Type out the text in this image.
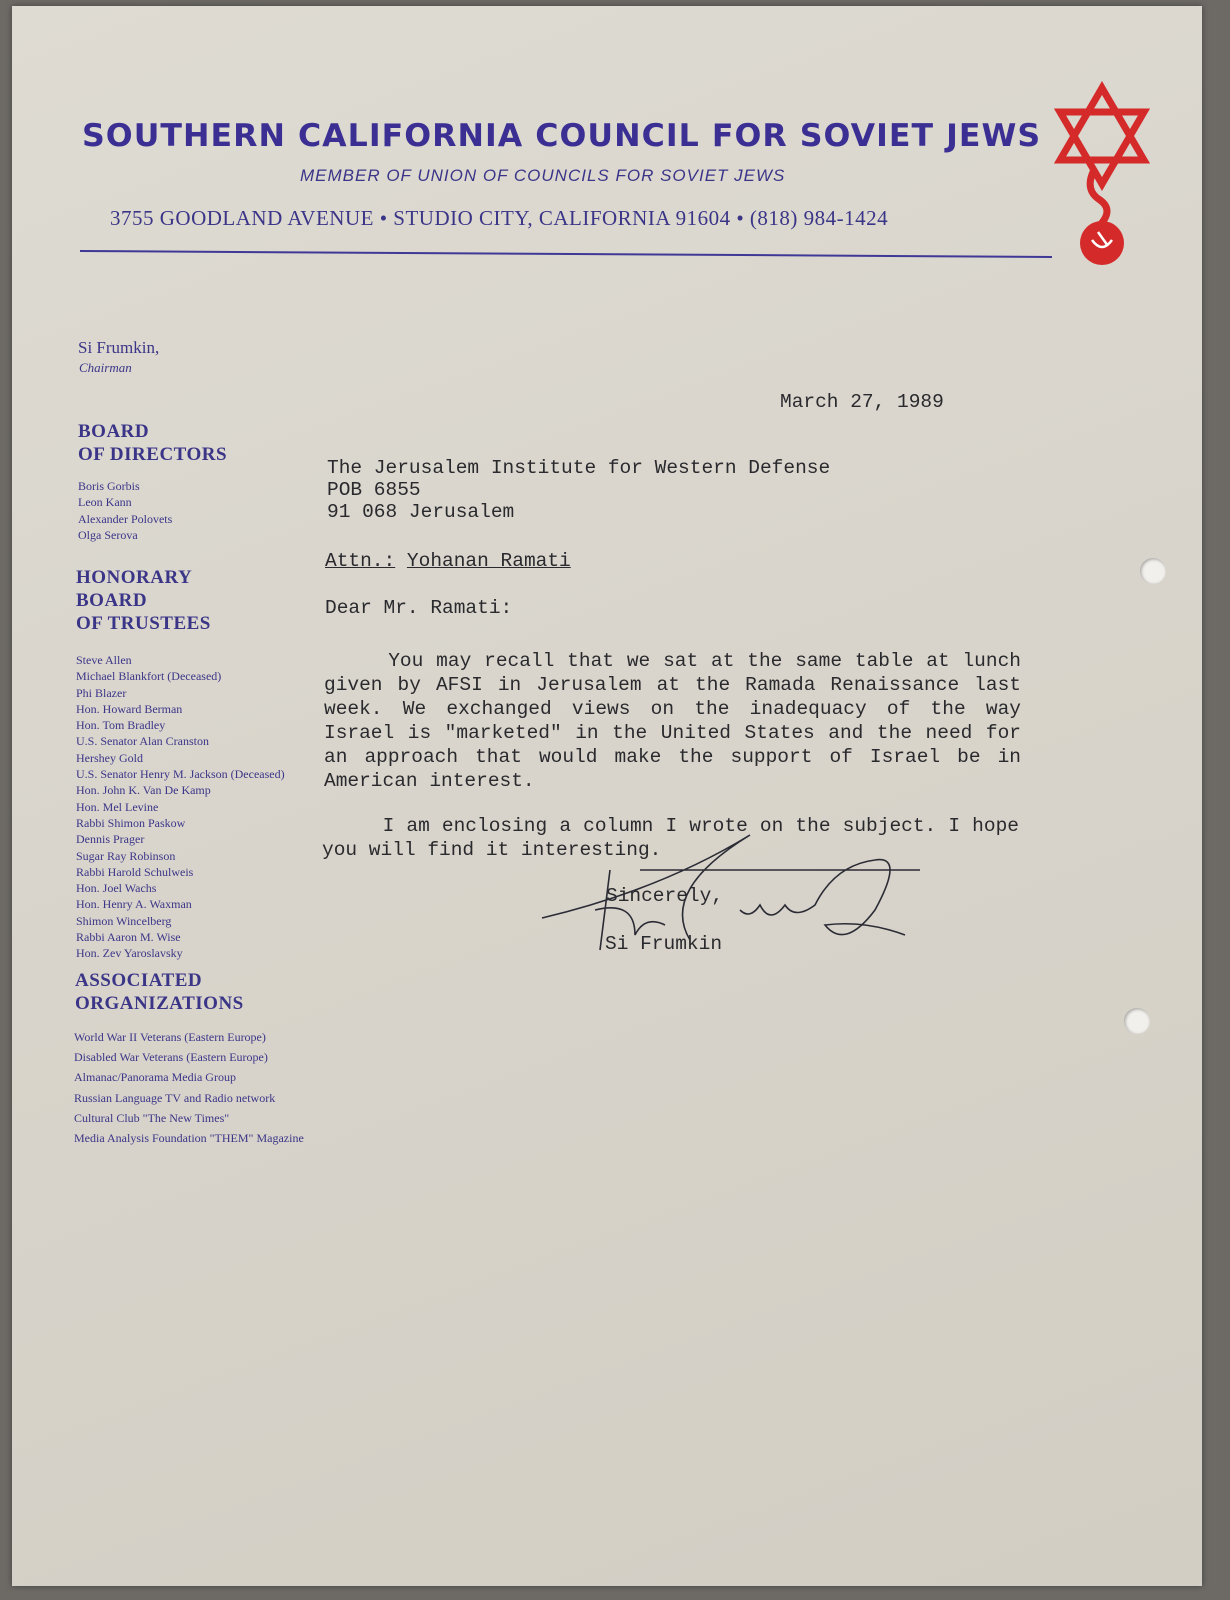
SOUTHERN CALIFORNIA COUNCIL FOR SOVIET JEWS
MEMBER OF UNION OF COUNCILS FOR SOVIET JEWS
3755 GOODLAND AVENUE • STUDIO CITY, CALIFORNIA 91604 • (818) 984-1424
Si Frumkin,
Chairman
BOARD
OF DIRECTORS
Boris Gorbis
Leon Kann
Alexander Polovets
Olga Serova
HONORARY
BOARD
OF TRUSTEES
Steve Allen
Michael Blankfort (Deceased)
Phi Blazer
Hon. Howard Berman
Hon. Tom Bradley
U.S. Senator Alan Cranston
Hershey Gold
U.S. Senator Henry M. Jackson (Deceased)
Hon. John K. Van De Kamp
Hon. Mel Levine
Rabbi Shimon Paskow
Dennis Prager
Sugar Ray Robinson
Rabbi Harold Schulweis
Hon. Joel Wachs
Hon. Henry A. Waxman
Shimon Wincelberg
Rabbi Aaron M. Wise
Hon. Zev Yaroslavsky
ASSOCIATED
ORGANIZATIONS
World War II Veterans (Eastern Europe)
Disabled War Veterans (Eastern Europe)
Almanac/Panorama Media Group
Russian Language TV and Radio network
Cultural Club "The New Times"
Media Analysis Foundation "THEM" Magazine
March 27, 1989
The Jerusalem Institute for Western Defense
POB 6855
91 068 Jerusalem
Attn.: Yohanan Ramati
Dear Mr. Ramati:
You may recall that we sat at the same table at lunch
given by AFSI in Jerusalem at the Ramada Renaissance last
week. We exchanged views on the inadequacy of the way
Israel is "marketed" in the United States and the need for
an approach that would make the support of Israel be in
American interest.
I am enclosing a column I wrote on the subject. I hope
you will find it interesting.
Sincerely,
Si Frumkin
